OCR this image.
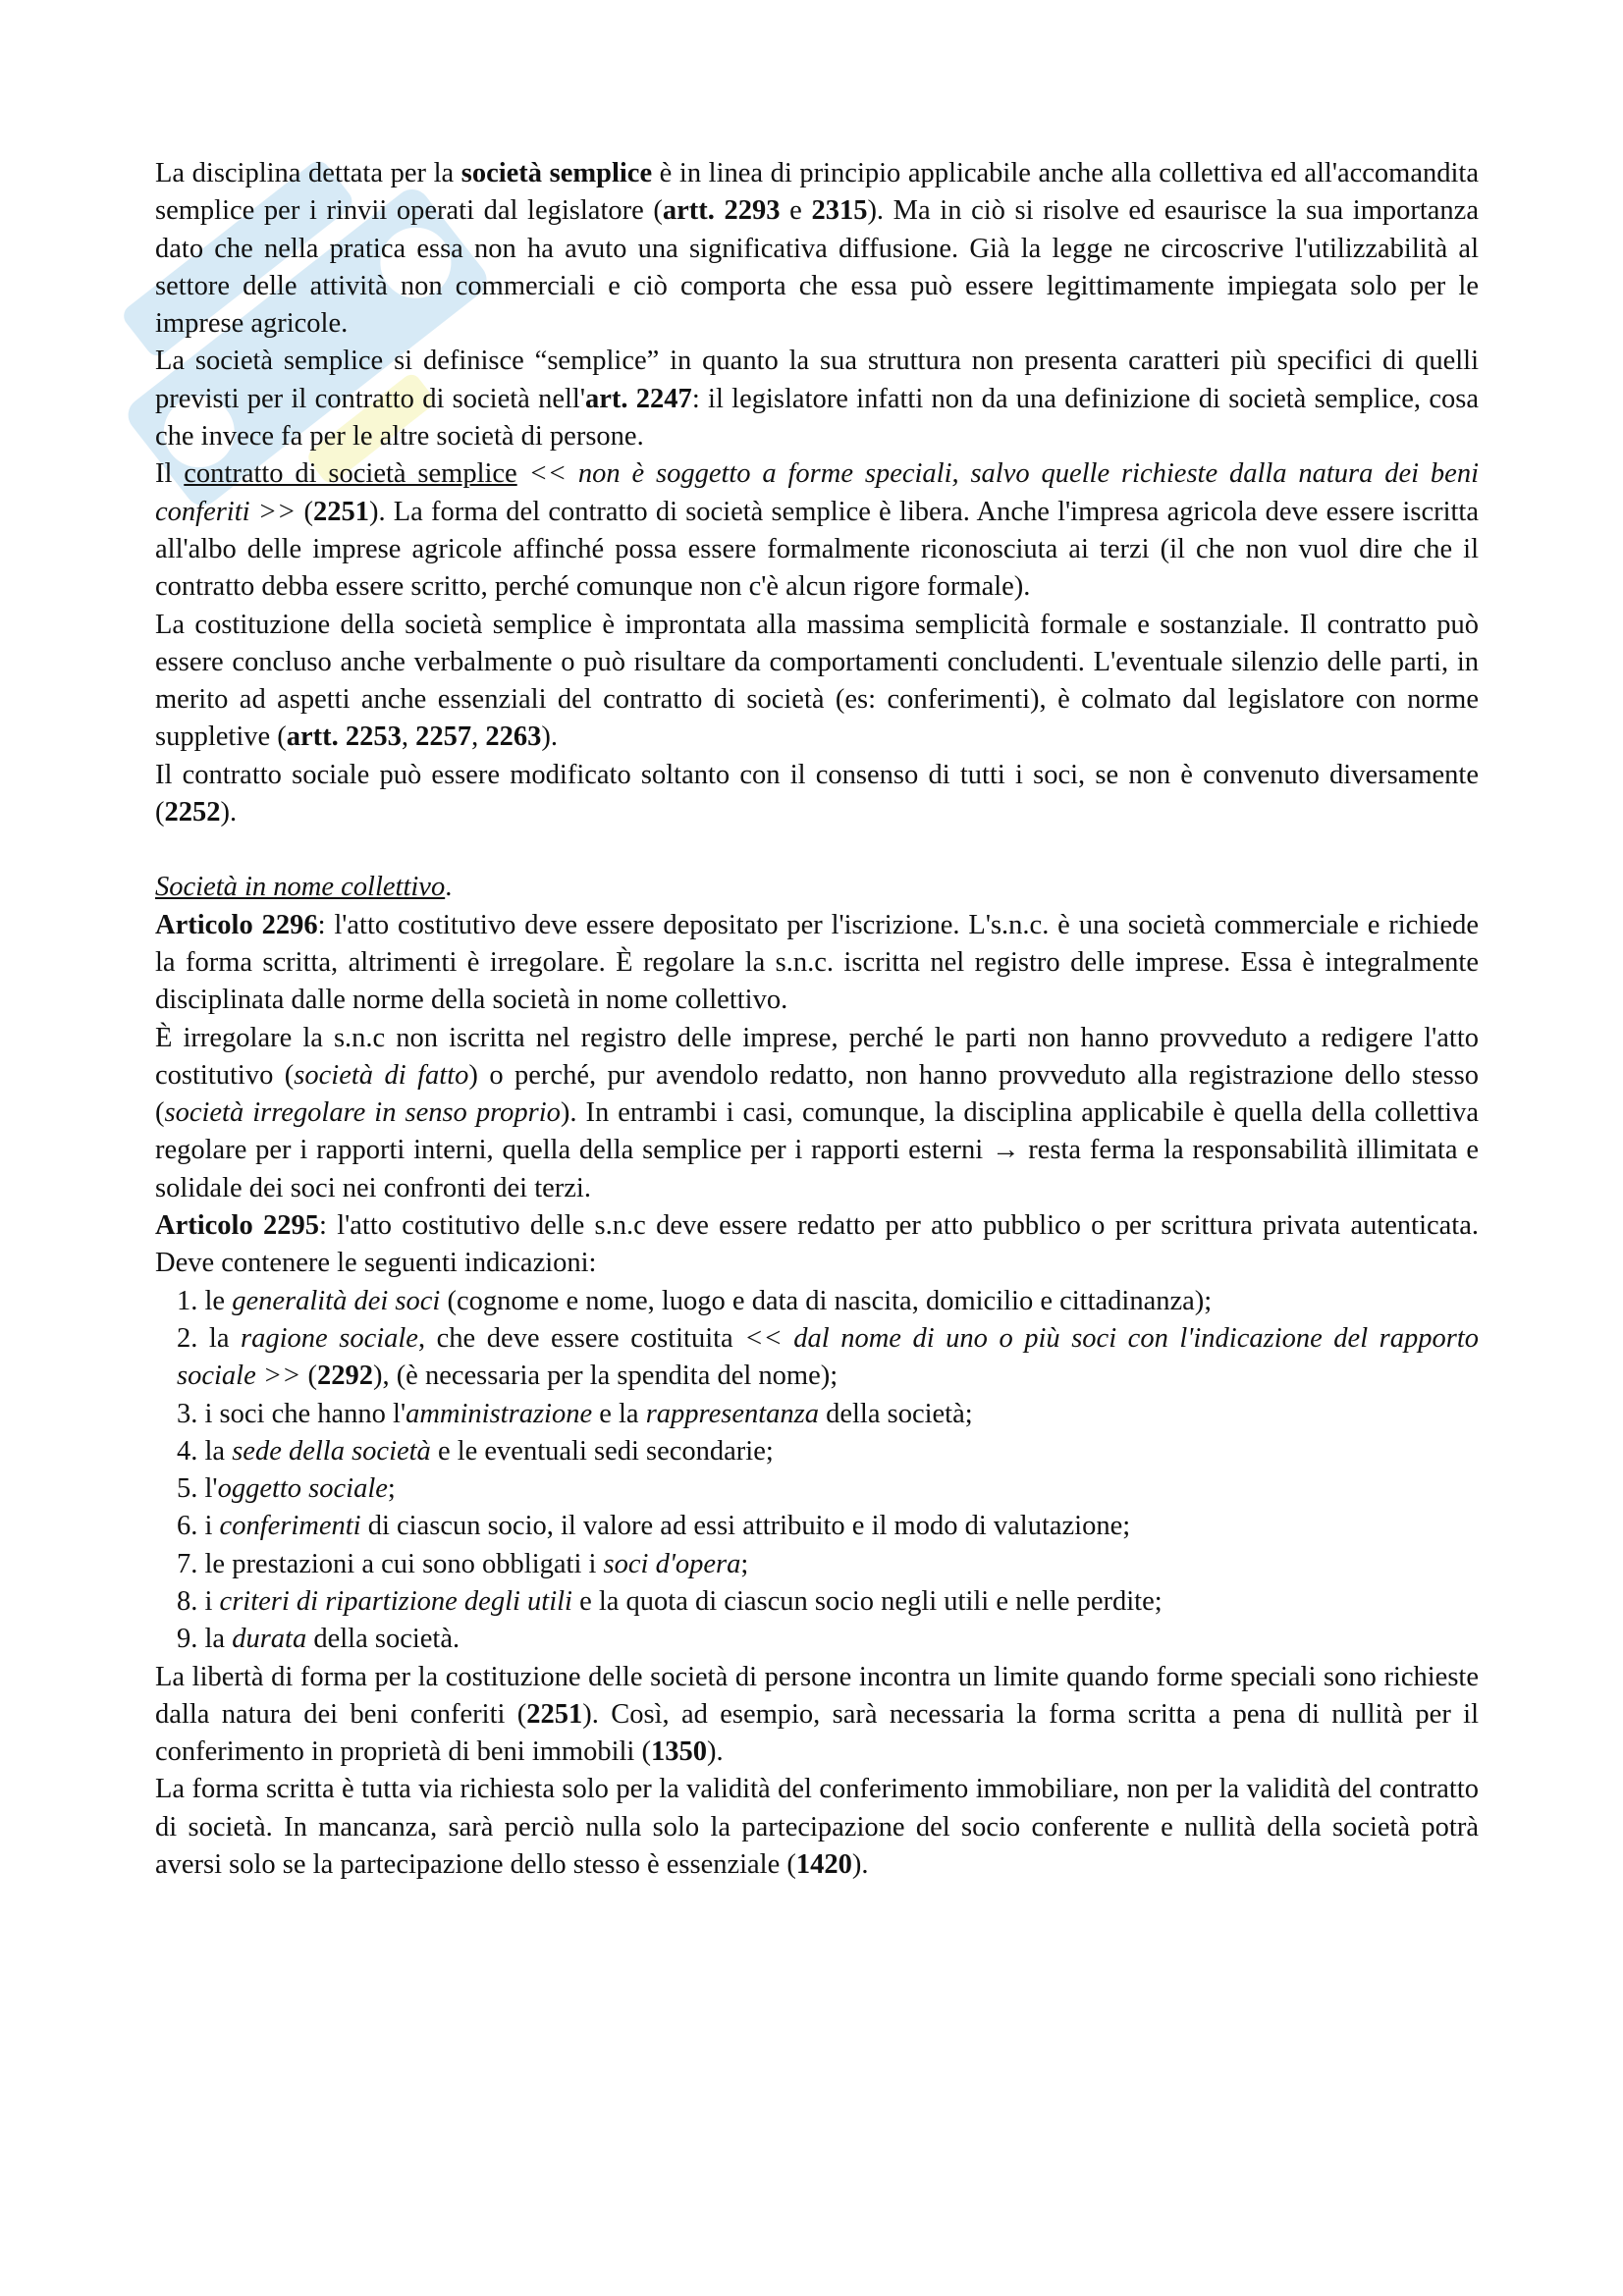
La disciplina dettata per la società semplice è in linea di principio applicabile anche alla collettiva ed all'accomandita semplice per i rinvii operati dal legislatore (artt. 2293 e 2315). Ma in ciò si risolve ed esaurisce la sua importanza dato che nella pratica essa non ha avuto una significativa diffusione. Già la legge ne circoscrive l'utilizzabilità al settore delle attività non commerciali e ciò comporta che essa può essere legittimamente impiegata solo per le imprese agricole.

La società semplice si definisce “semplice” in quanto la sua struttura non presenta caratteri più specifici di quelli previsti per il contratto di società nell'art. 2247: il legislatore infatti non da una definizione di società semplice, cosa che invece fa per le altre società di persone.

Il contratto di società semplice << non è soggetto a forme speciali, salvo quelle richieste dalla natura dei beni conferiti >> (2251). La forma del contratto di società semplice è libera. Anche l'impresa agricola deve essere iscritta all'albo delle imprese agricole affinché possa essere formalmente riconosciuta ai terzi (il che non vuol dire che il contratto debba essere scritto, perché comunque non c'è alcun rigore formale).

La costituzione della società semplice è improntata alla massima semplicità formale e sostanziale. Il contratto può essere concluso anche verbalmente o può risultare da comportamenti concludenti. L'eventuale silenzio delle parti, in merito ad aspetti anche essenziali del contratto di società (es: conferimenti), è colmato dal legislatore con norme suppletive (artt. 2253, 2257, 2263).

Il contratto sociale può essere modificato soltanto con il consenso di tutti i soci, se non è convenuto diversamente (2252).

Società in nome collettivo.

Articolo 2296: l'atto costitutivo deve essere depositato per l'iscrizione. L's.n.c. è una società commerciale e richiede la forma scritta, altrimenti è irregolare. È regolare la s.n.c. iscritta nel registro delle imprese. Essa è integralmente disciplinata dalle norme della società in nome collettivo.

È irregolare la s.n.c non iscritta nel registro delle imprese, perché le parti non hanno provveduto a redigere l'atto costitutivo (società di fatto) o perché, pur avendolo redatto, non hanno provveduto alla registrazione dello stesso (società irregolare in senso proprio). In entrambi i casi, comunque, la disciplina applicabile è quella della collettiva regolare per i rapporti interni, quella della semplice per i rapporti esterni → resta ferma la responsabilità illimitata e solidale dei soci nei confronti dei terzi.

Articolo 2295: l'atto costitutivo delle s.n.c deve essere redatto per atto pubblico o per scrittura privata autenticata. Deve contenere le seguenti indicazioni:

le generalità dei soci (cognome e nome, luogo e data di nascita, domicilio e cittadinanza);
la ragione sociale, che deve essere costituita << dal nome di uno o più soci con l'indicazione del rapporto sociale >> (2292), (è necessaria per la spendita del nome);
i soci che hanno l'amministrazione e la rappresentanza della società;
la sede della società e le eventuali sedi secondarie;
l'oggetto sociale;
i conferimenti di ciascun socio, il valore ad essi attribuito e il modo di valutazione;
le prestazioni a cui sono obbligati i soci d'opera;
i criteri di ripartizione degli utili e la quota di ciascun socio negli utili e nelle perdite;
la durata della società.

La libertà di forma per la costituzione delle società di persone incontra un limite quando forme speciali sono richieste dalla natura dei beni conferiti (2251). Così, ad esempio, sarà necessaria la forma scritta a pena di nullità per il conferimento in proprietà di beni immobili (1350).

La forma scritta è tutta via richiesta solo per la validità del conferimento immobiliare, non per la validità del contratto di società. In mancanza, sarà perciò nulla solo la partecipazione del socio conferente e nullità della società potrà aversi solo se la partecipazione dello stesso è essenziale (1420).
